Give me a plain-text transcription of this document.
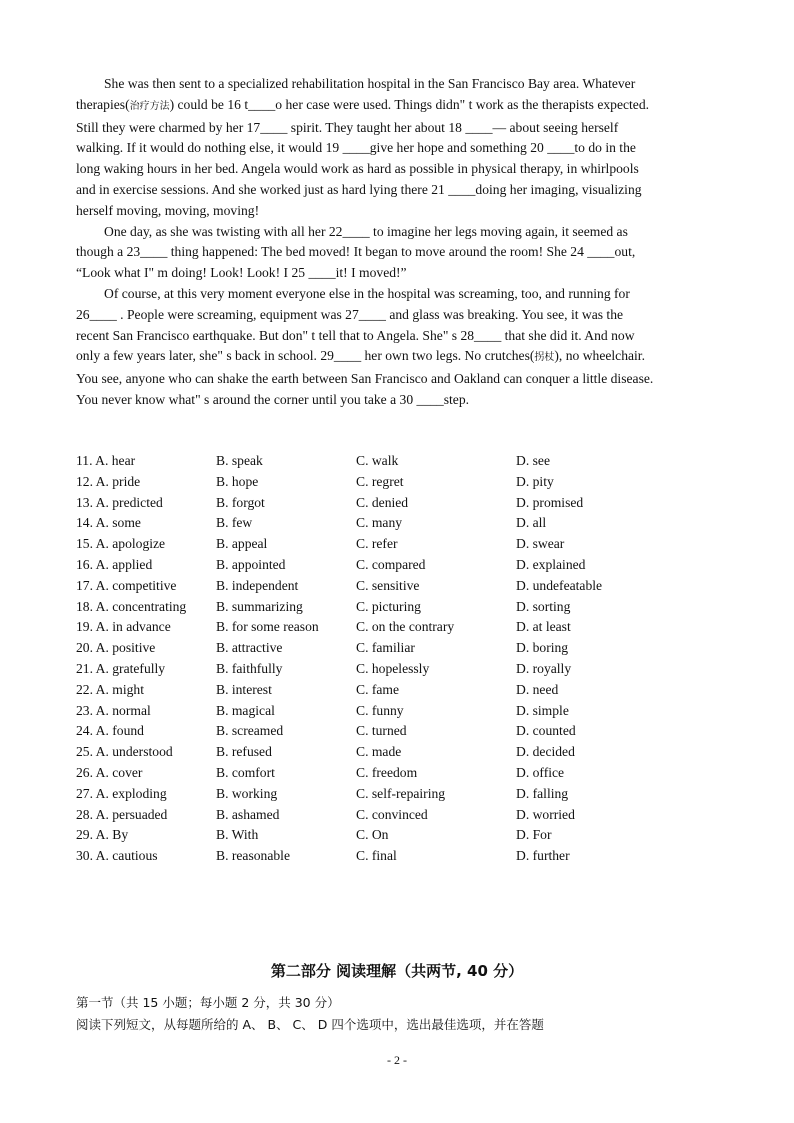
She was then sent to a specialized rehabilitation hospital in the San Francisco Bay area. Whatever therapies(治疗方法) could be 16 t____o her case were used. Things didn" t work as the therapists expected. Still they were charmed by her 17____ spirit. They taught her about 18 ____— about seeing herself walking. If it would do nothing else, it would 19 ____give her hope and something 20 ____to do in the long waking hours in her bed. Angela would work as hard as possible in physical therapy, in whirlpools and in exercise sessions. And she worked just as hard lying there 21 ____doing her imaging, visualizing herself moving, moving, moving!

One day, as she was twisting with all her 22____ to imagine her legs moving again, it seemed as though a 23____ thing happened: The bed moved! It began to move around the room! She 24 ____out, “Look what I" m doing! Look! Look! I 25 ____it! I moved!”

Of course, at this very moment everyone else in the hospital was screaming, too, and running for 26____ . People were screaming, equipment was 27____ and glass was breaking. You see, it was the recent San Francisco earthquake. But don" t tell that to Angela. She" s 28____ that she did it. And now only a few years later, she" s back in school. 29____ her own two legs. No crutches(拐杖), no wheelchair. You see, anyone who can shake the earth between San Francisco and Oakland can conquer a little disease. You never know what" s around the corner until you take a 30 ____step.

11. A. hear	B. speak	C. walk	D. see
12. A. pride	B. hope	C. regret	D. pity
13. A. predicted	B. forgot	C. denied	D. promised
14. A. some	B. few	C. many	D. all
15. A. apologize	B. appeal	C. refer	D. swear
16. A. applied	B. appointed	C. compared	D. explained
17. A. competitive	B. independent	C. sensitive	D. undefeatable
18. A. concentrating B. summarizing	C. picturing	D. sorting
19. A. in advance	B. for some reason	C. on the contrary	D. at least
20. A. positive	B. attractive	C. familiar	D. boring
21. A. gratefully	B. faithfully	C. hopelessly	D. royally
22. A. might	B. interest	C. fame	D. need
23. A. normal	B. magical	C. funny	D. simple
24. A. found	B. screamed	C. turned	D. counted
25. A. understood	B. refused	C. made	D. decided
26. A. cover	B. comfort	C. freedom	D. office
27. A. exploding	B. working	C. self-repairing	D. falling
28. A. persuaded	B. ashamed	C. convinced	D. worried
29. A. By	B. With	C. On	D. For
30. A. cautious	B. reasonable	C. final	D. further
第二部分 阅读理解（共两节, 40 分）
第一节（共 15 小题；每小题 2 分，共 30 分）
阅读下列短文，从每题所给的 A、 B、 C、 D 四个选项中，选出最佳选项，并在答题
- 2 -
